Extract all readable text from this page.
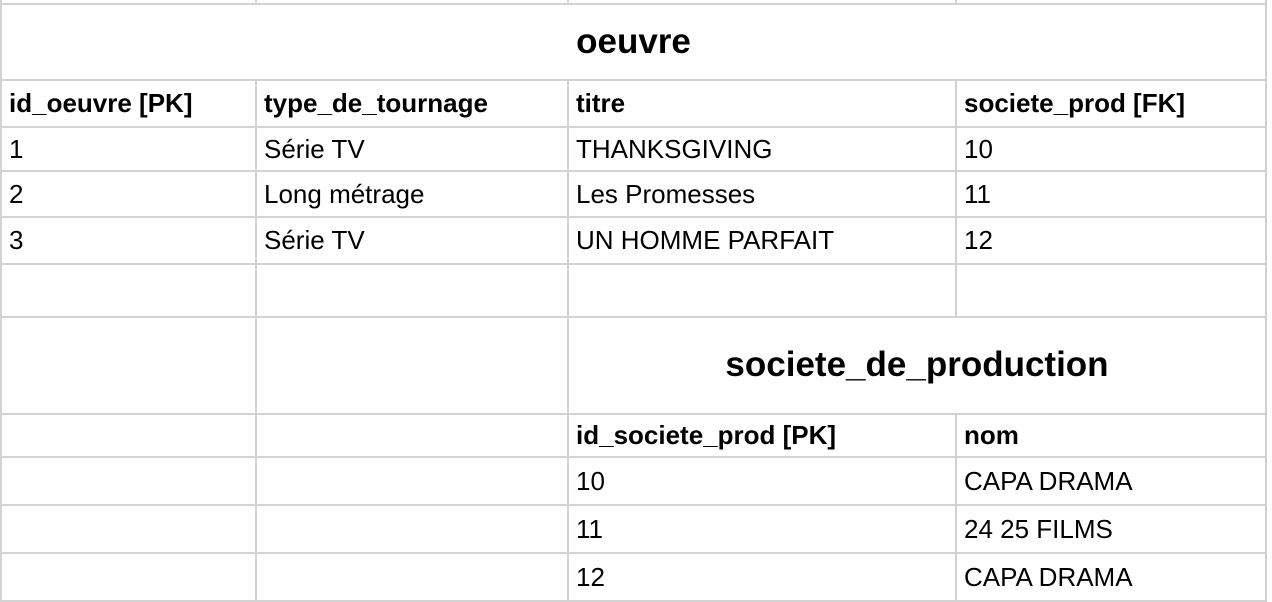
oeuvre
id_oeuvre [PK]	type_de_tournage	titre	societe_prod [FK]
1	Série TV	THANKSGIVING	10
2	Long métrage	Les Promesses	11
3	Série TV	UN HOMME PARFAIT	12
societe_de_production
id_societe_prod [PK]	nom
10	CAPA DRAMA
11	24 25 FILMS
12	CAPA DRAMA
